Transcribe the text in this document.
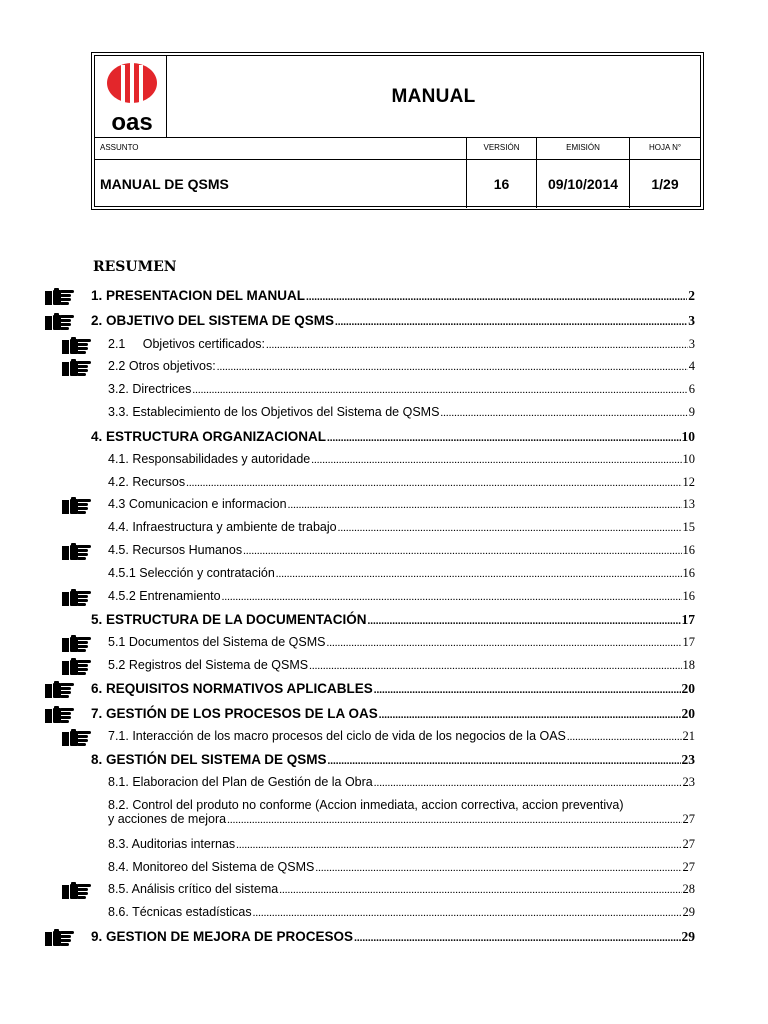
oas
MANUAL
ASSUNTO	VERSIÓN	EMISIÓN	HOJA N°
MANUAL DE QSMS	16	09/10/2014	1/29
RESUMEN
1. PRESENTACION DEL MANUAL .....	2
2. OBJETIVO DEL SISTEMA DE QSMS .....	3
2.1     Objetivos certificados: .....	3
2.2 Otros objetivos: .....	4
3.2. Directrices .....	6
3.3. Establecimiento de los Objetivos del Sistema de QSMS .....	9
4. ESTRUCTURA ORGANIZACIONAL .....	10
4.1. Responsabilidades y autoridade .....	10
4.2. Recursos .....	12
4.3 Comunicacion e informacion .....	13
4.4. Infraestructura y ambiente de trabajo .....	15
4.5. Recursos Humanos .....	16
4.5.1 Selección y contratación .....	16
4.5.2 Entrenamiento .....	16
5. ESTRUCTURA DE LA DOCUMENTACIÓN .....	17
5.1 Documentos del Sistema de QSMS .....	17
5.2 Registros del Sistema de QSMS .....	18
6. REQUISITOS NORMATIVOS APLICABLES .....	20
7. GESTIÓN DE LOS PROCESOS DE LA OAS .....	20
7.1. Interacción de los macro procesos del ciclo de vida de los negocios de la OAS .....	21
8. GESTIÓN DEL SISTEMA DE QSMS .....	23
8.1. Elaboracion del Plan de Gestión de la Obra .....	23
8.2. Control del produto no conforme (Accion inmediata, accion correctiva, accion preventiva)
y acciones de mejora .....	27
8.3. Auditorias internas .....	27
8.4. Monitoreo del Sistema de QSMS .....	27
8.5. Análisis crítico del sistema .....	28
8.6. Técnicas estadísticas .....	29
9. GESTION DE MEJORA DE PROCESOS .....	29
